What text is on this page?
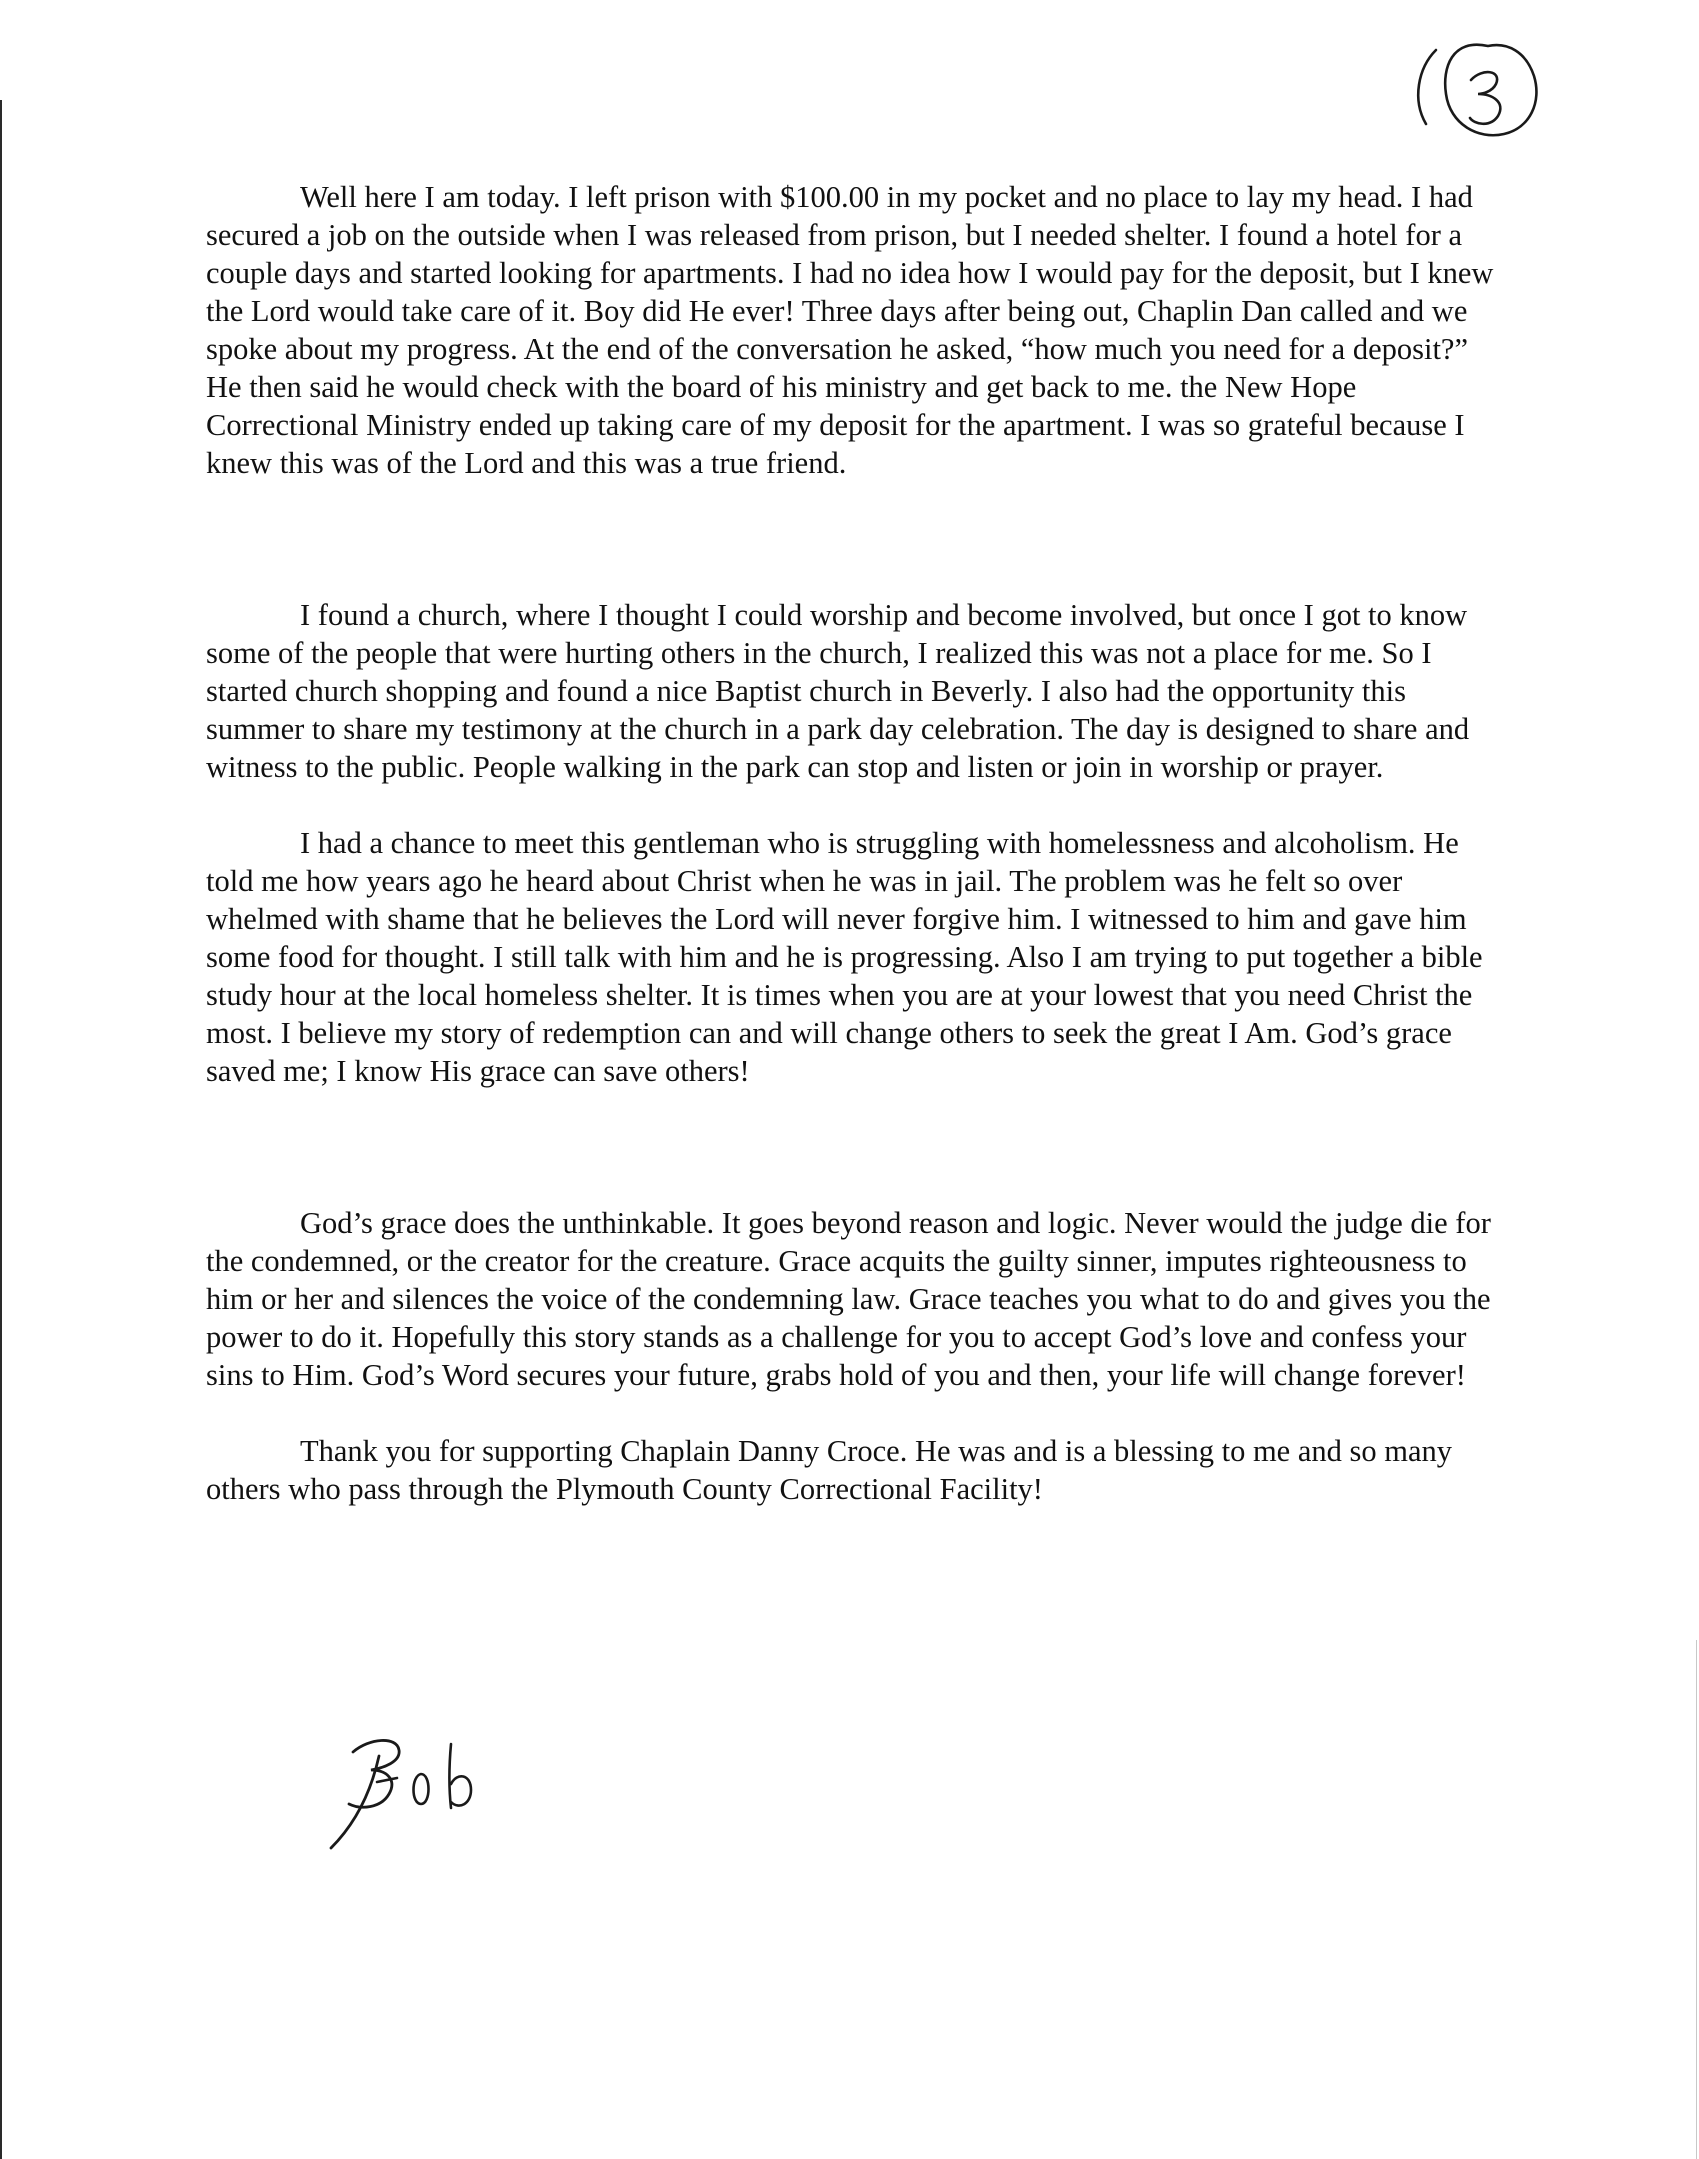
Well here I am today. I left prison with $100.00 in my pocket and no place to lay my head. I had secured a job on the outside when I was released from prison, but I needed shelter. I found a hotel for a couple days and started looking for apartments. I had no idea how I would pay for the deposit, but I knew the Lord would take care of it. Boy did He ever! Three days after being out, Chaplin Dan called and we spoke about my progress. At the end of the conversation he asked, “how much you need for a deposit?” He then said he would check with the board of his ministry and get back to me. the New Hope Correctional Ministry ended up taking care of my deposit for the apartment. I was so grateful because I knew this was of the Lord and this was a true friend.

I found a church, where I thought I could worship and become involved, but once I got to know some of the people that were hurting others in the church, I realized this was not a place for me. So I started church shopping and found a nice Baptist church in Beverly. I also had the opportunity this summer to share my testimony at the church in a park day celebration. The day is designed to share and witness to the public. People walking in the park can stop and listen or join in worship or prayer.

I had a chance to meet this gentleman who is struggling with homelessness and alcoholism. He told me how years ago he heard about Christ when he was in jail. The problem was he felt so over whelmed with shame that he believes the Lord will never forgive him. I witnessed to him and gave him some food for thought. I still talk with him and he is progressing. Also I am trying to put together a bible study hour at the local homeless shelter. It is times when you are at your lowest that you need Christ the most. I believe my story of redemption can and will change others to seek the great I Am. God’s grace saved me; I know His grace can save others!

God’s grace does the unthinkable. It goes beyond reason and logic. Never would the judge die for the condemned, or the creator for the creature. Grace acquits the guilty sinner, imputes righteousness to him or her and silences the voice of the condemning law. Grace teaches you what to do and gives you the power to do it. Hopefully this story stands as a challenge for you to accept God’s love and confess your sins to Him. God’s Word secures your future, grabs hold of you and then, your life will change forever!

Thank you for supporting Chaplain Danny Croce. He was and is a blessing to me and so many others who pass through the Plymouth County Correctional Facility!
